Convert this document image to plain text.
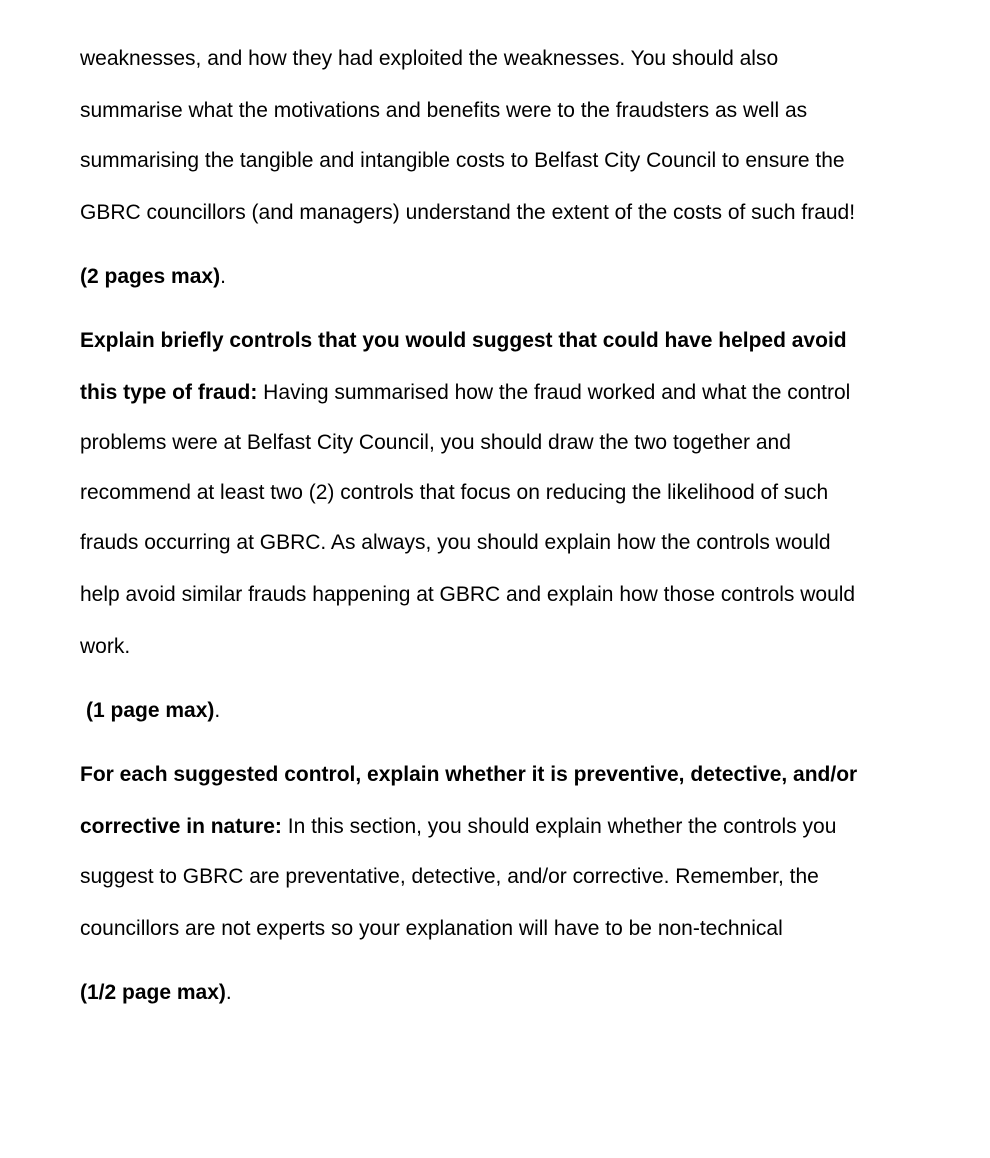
weaknesses, and how they had exploited the weaknesses. You should also
summarise what the motivations and benefits were to the fraudsters as well as
summarising the tangible and intangible costs to Belfast City Council to ensure the
GBRC councillors (and managers) understand the extent of the costs of such fraud!
(2 pages max).
Explain briefly controls that you would suggest that could have helped avoid
this type of fraud: Having summarised how the fraud worked and what the control
problems were at Belfast City Council, you should draw the two together and
recommend at least two (2) controls that focus on reducing the likelihood of such
frauds occurring at GBRC. As always, you should explain how the controls would
help avoid similar frauds happening at GBRC and explain how those controls would
work.
(1 page max).
For each suggested control, explain whether it is preventive, detective, and/or
corrective in nature: In this section, you should explain whether the controls you
suggest to GBRC are preventative, detective, and/or corrective. Remember, the
councillors are not experts so your explanation will have to be non-technical
(1/2 page max).
